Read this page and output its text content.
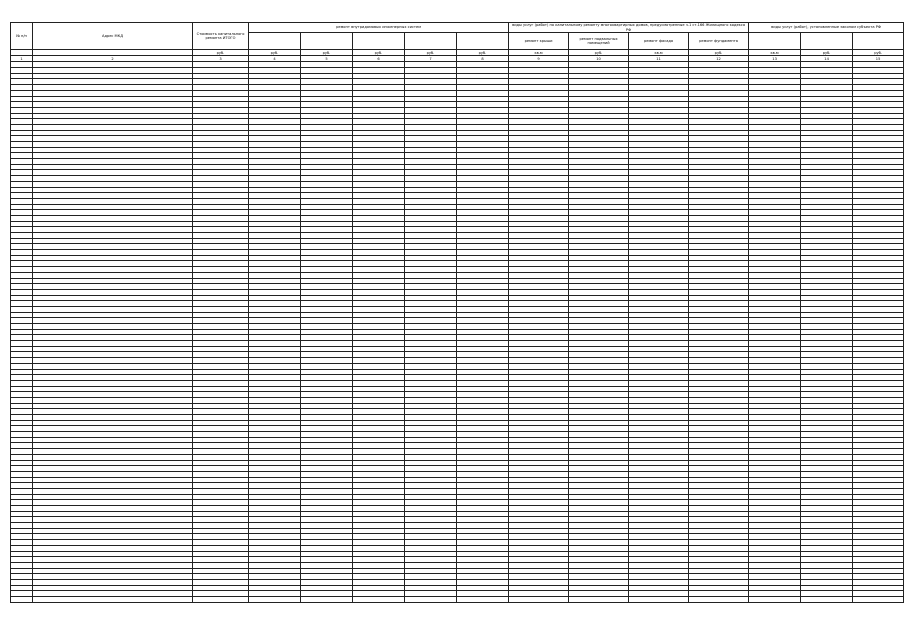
№ п/п	Адрес МКД	Стоимость капитального ремонта ИТОГО	ремонт внутридомовых инженерных систем					виды услуг (работ) по капитальному ремонту многоквартирных домов, предусмотренные ч.1 ст.166 Жилищного кодекса РФ				виды услуг (работ), установленные законом субъекта РФ		
								ремонт крыши	ремонт подвальных помещений	ремонт фасада	ремонт фундамента			
		руб.	руб.	руб.	руб.	руб.	руб.	кв.м	руб.	кв.м	руб.	кв.м	руб.	руб.
1	2	3	4	5	6	7	8	9	10	11	12	13	14	15
